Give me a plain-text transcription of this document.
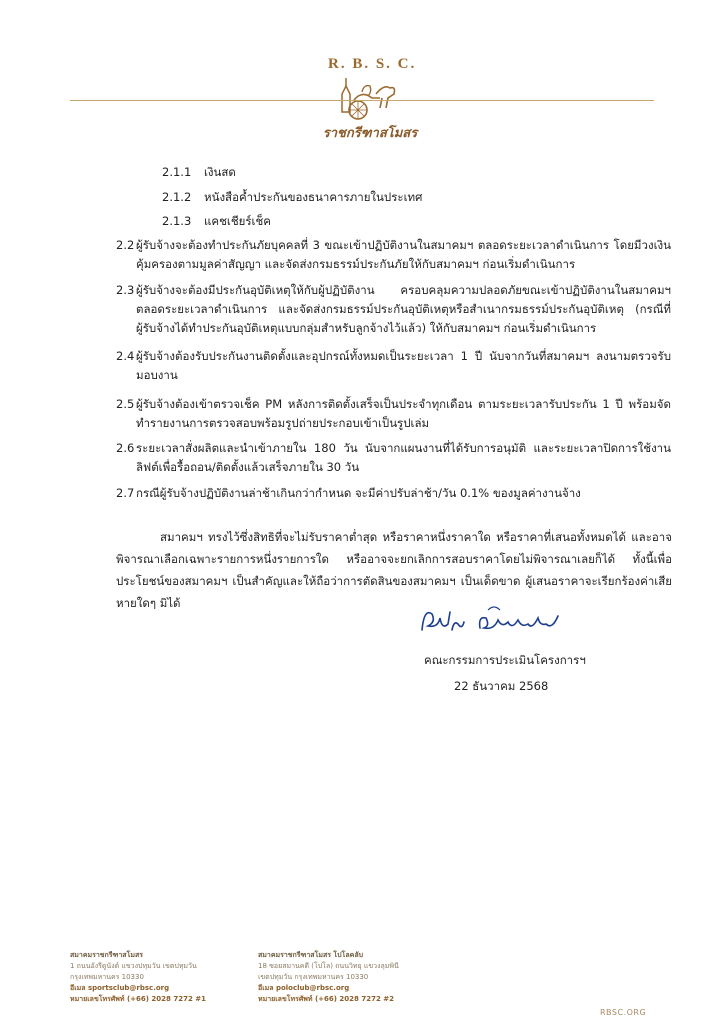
R. B. S. C.
ราชกรีฑาสโมสร
2.1.1 เงินสด
2.1.2 หนังสือค้ำประกันของธนาคารภายในประเทศ
2.1.3 แคชเชียร์เช็ค
2.2 ผู้รับจ้างจะต้องทำประกันภัยบุคคลที่ 3 ขณะเข้าปฏิบัติงานในสมาคมฯ ตลอดระยะเวลาดำเนินการ โดยมีวงเงินคุ้มครองตามมูลค่าสัญญา และจัดส่งกรมธรรม์ประกันภัยให้กับสมาคมฯ ก่อนเริ่มดำเนินการ
2.3 ผู้รับจ้างจะต้องมีประกันอุบัติเหตุให้กับผู้ปฏิบัติงาน ครอบคลุมความปลอดภัยขณะเข้าปฏิบัติงานในสมาคมฯ ตลอดระยะเวลาดำเนินการ และจัดส่งกรมธรรม์ประกันอุบัติเหตุหรือสำเนากรมธรรม์ประกันอุบัติเหตุ (กรณีที่ผู้รับจ้างได้ทำประกันอุบัติเหตุแบบกลุ่มสำหรับลูกจ้างไว้แล้ว) ให้กับสมาคมฯ ก่อนเริ่มดำเนินการ
2.4 ผู้รับจ้างต้องรับประกันงานติดตั้งและอุปกรณ์ทั้งหมดเป็นระยะเวลา 1 ปี นับจากวันที่สมาคมฯ ลงนามตรวจรับมอบงาน
2.5 ผู้รับจ้างต้องเข้าตรวจเช็ค PM หลังการติดตั้งเสร็จเป็นประจำทุกเดือน ตามระยะเวลารับประกัน 1 ปี พร้อมจัดทำรายงานการตรวจสอบพร้อมรูปถ่ายประกอบเข้าเป็นรูปเล่ม
2.6 ระยะเวลาสั่งผลิตและนำเข้าภายใน 180 วัน นับจากแผนงานที่ได้รับการอนุมัติ และระยะเวลาปิดการใช้งานลิฟต์เพื่อรื้อถอน/ติดตั้งแล้วเสร็จภายใน 30 วัน
2.7 กรณีผู้รับจ้างปฏิบัติงานล่าช้าเกินกว่ากำหนด จะมีค่าปรับล่าช้า/วัน 0.1% ของมูลค่างานจ้าง
สมาคมฯ ทรงไว้ซึ่งสิทธิที่จะไม่รับราคาต่ำสุด หรือราคาหนึ่งราคาใด หรือราคาที่เสนอทั้งหมดได้ และอาจพิจารณาเลือกเฉพาะรายการหนึ่งรายการใด หรืออาจจะยกเลิกการสอบราคาโดยไม่พิจารณาเลยก็ได้ ทั้งนี้เพื่อประโยชน์ของสมาคมฯ เป็นสำคัญและให้ถือว่าการตัดสินของสมาคมฯ เป็นเด็ดขาด ผู้เสนอราคาจะเรียกร้องค่าเสียหายใดๆ มิได้
คณะกรรมการประเมินโครงการฯ
22 ธันวาคม 2568
สมาคมราชกรีฑาสโมสร
1 ถนนอังรีดูนังต์ แขวงปทุมวัน เขตปทุมวัน
กรุงเทพมหานคร 10330
อีเมล sportsclub@rbsc.org
หมายเลขโทรศัพท์ (+66) 2028 7272 #1
สมาคมราชกรีฑาสโมสร โปโลคลับ
18 ซอยสมานคดี (โปโล) ถนนวิทยุ แขวงลุมพินี
เขตปทุมวัน กรุงเทพมหานคร 10330
อีเมล poloclub@rbsc.org
หมายเลขโทรศัพท์ (+66) 2028 7272 #2
RBSC.ORG
